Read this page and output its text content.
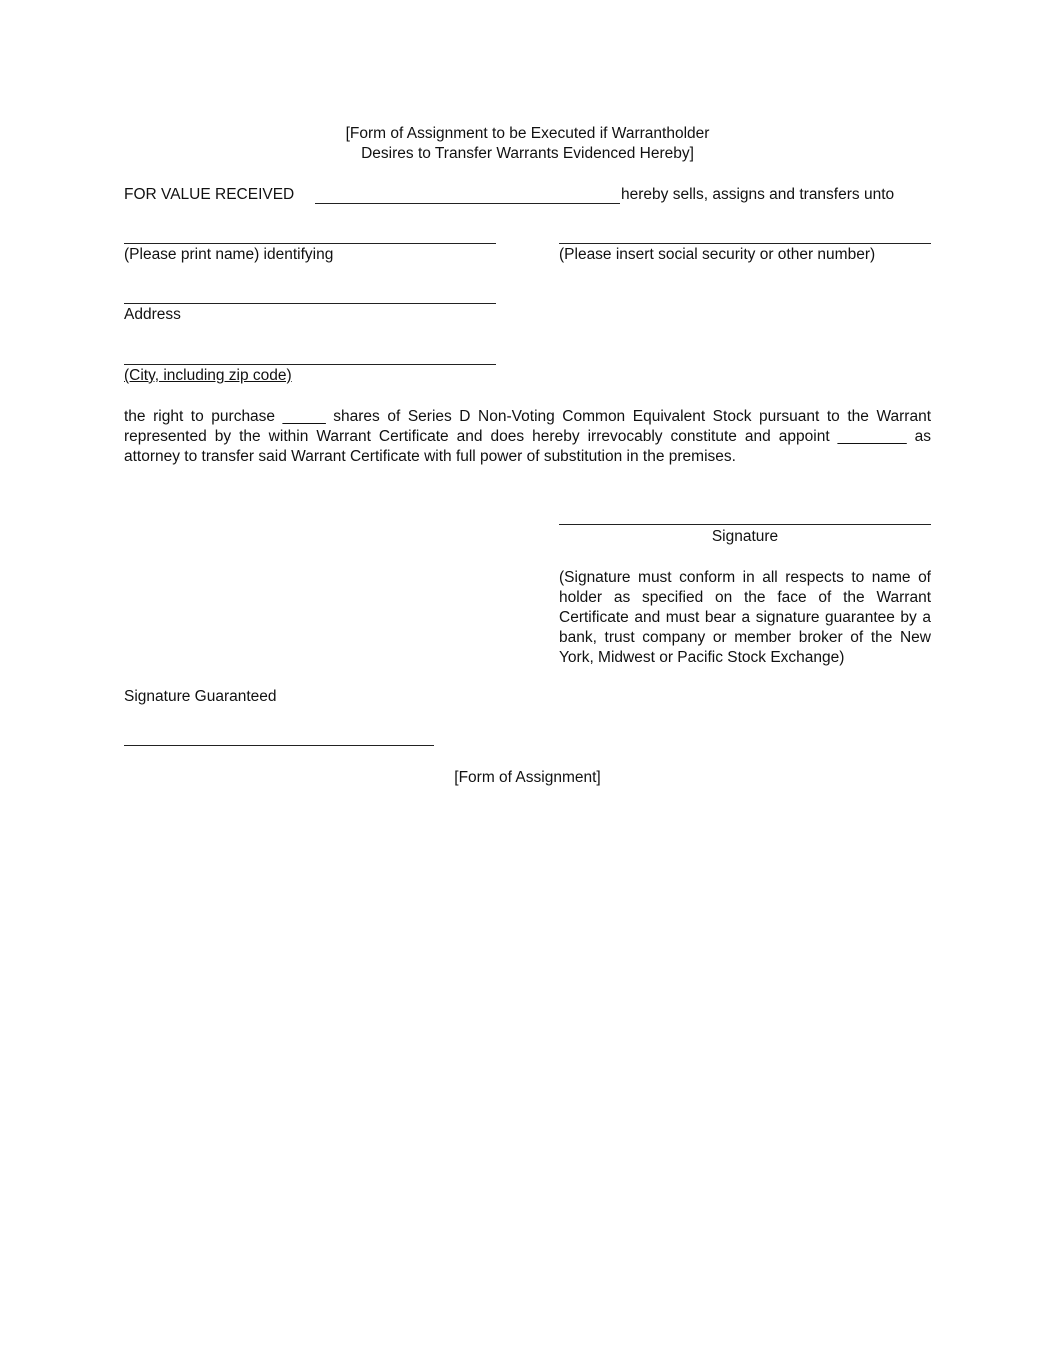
[Form of Assignment to be Executed if Warrantholder
Desires to Transfer Warrants Evidenced Hereby]
FOR VALUE RECEIVED	hereby sells, assigns and transfers unto
(Please print name) identifying	(Please insert social security or other number)
Address
(City, including zip code)
the right to purchase _____ shares of Series D Non-Voting Common Equivalent Stock pursuant to the Warrant represented by the within Warrant Certificate and does hereby irrevocably constitute and appoint ________ as attorney to transfer said Warrant Certificate with full power of substitution in the premises.
Signature
(Signature must conform in all respects to name of holder as specified on the face of the Warrant Certificate and must bear a signature guarantee by a bank, trust company or member broker of the New York, Midwest or Pacific Stock Exchange)
Signature Guaranteed
[Form of Assignment]
